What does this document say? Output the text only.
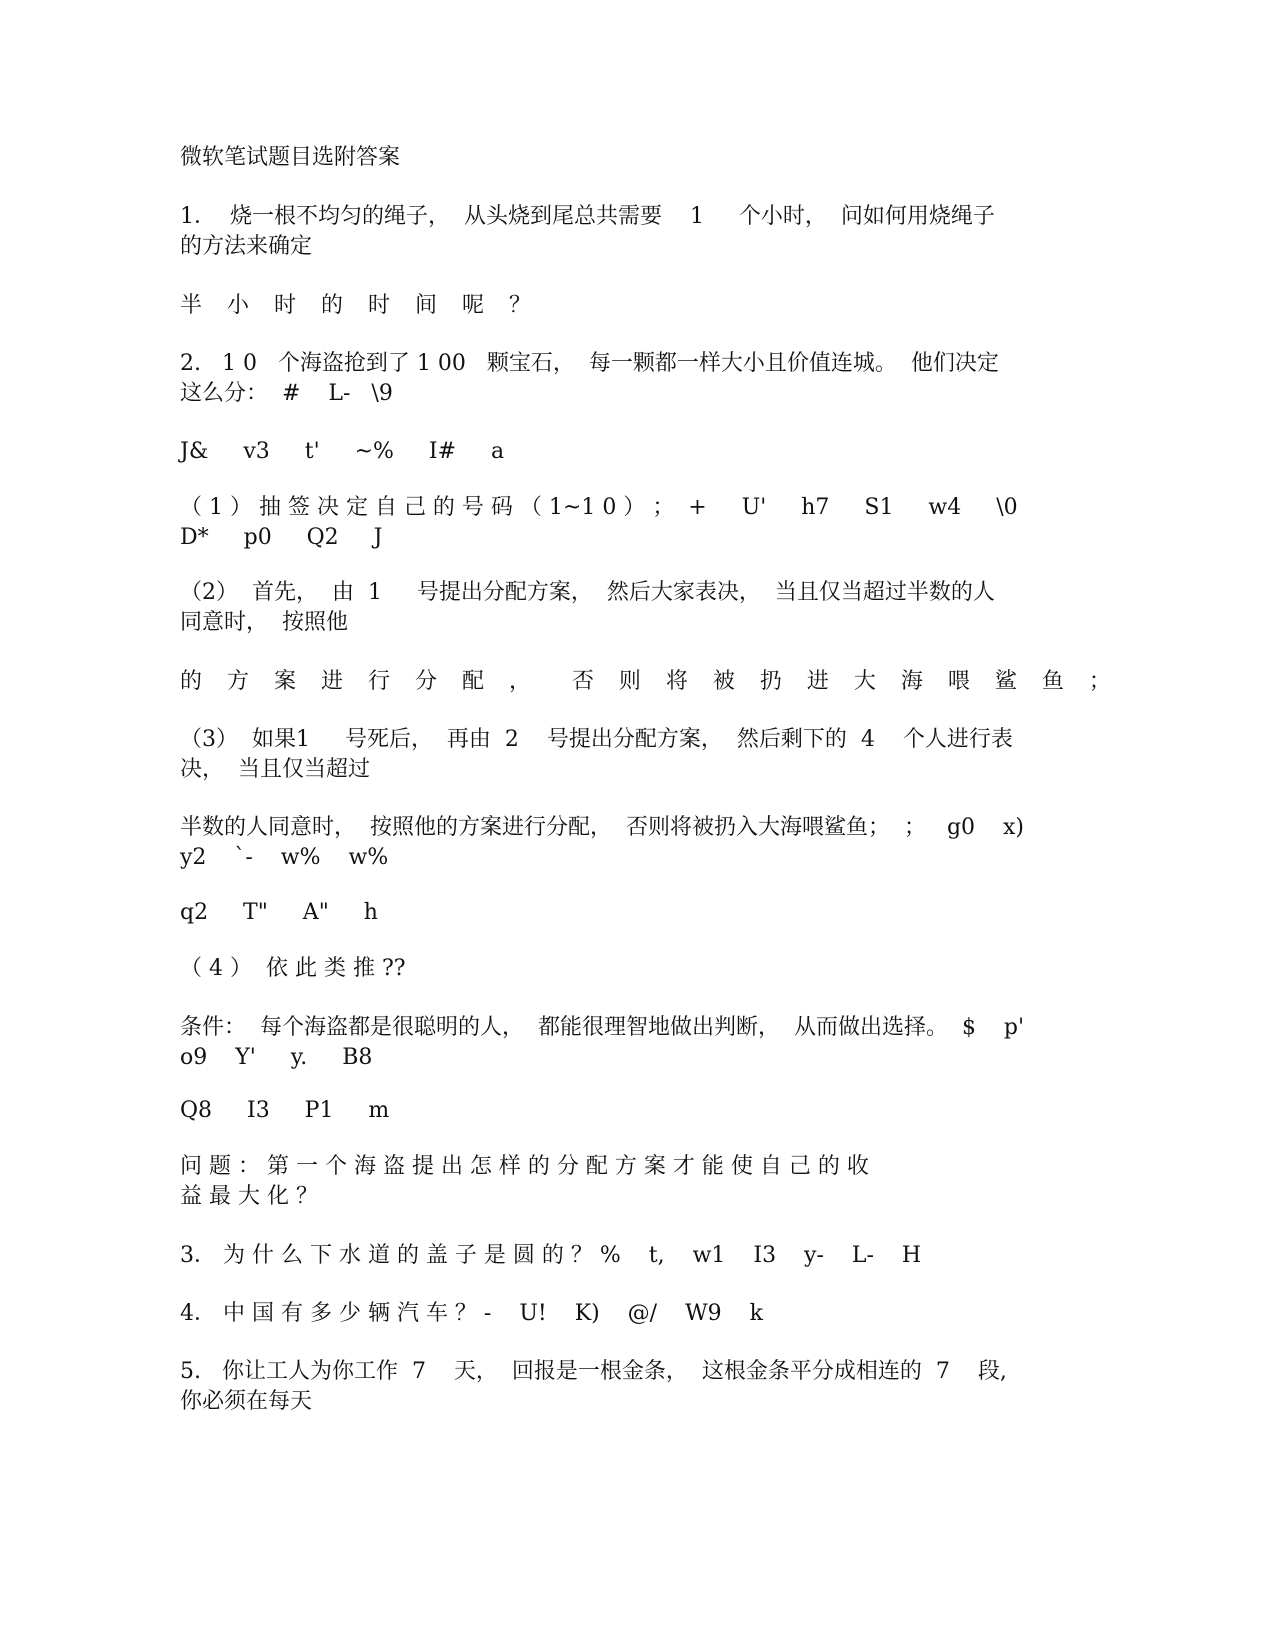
微软笔试题目选附答案

1．  烧一根不均匀的绳子，  从头烧到尾总共需要    1     个小时，  问如何用烧绳子

的方法来确定

半 小 时 的 时 间 呢 ？

2.   1 0   个海盗抢到了 1 00   颗宝石，  每一颗都一样大小且价值连城。  他们决定

这么分：  #    L-   \9

J&     v3     t'     ~%     I#     a

（ 1 ） 抽 签 决 定 自 己 的 号 码 （ 1~1 0 ） ；  +     U'     h7     S1     w4     \0

D*     p0     Q2     J

（2）  首先，  由  1     号提出分配方案，  然后大家表决，  当且仅当超过半数的人

同意时，  按照他

的 方 案 进 行 分 配 ，  否 则 将 被 扔 进 大 海 喂 鲨 鱼 ；

（3）  如果1     号死后，  再由  2    号提出分配方案，  然后剩下的  4    个人进行表

决，  当且仅当超过

半数的人同意时，  按照他的方案进行分配，  否则将被扔入大海喂鲨鱼；  ；   g0    x)

y2    `-    w%    w%

q2     T"     A"     h

（ 4 ）  依 此 类 推 ??

条件：  每个海盗都是很聪明的人，  都能很理智地做出判断，  从而做出选择。  $    p'

o9    Y'     y.     B8

Q8     I3     P1     m

问 题 ： 第 一 个 海 盗 提 出 怎 样 的 分 配 方 案 才 能 使 自 己 的 收

益 最 大 化 ？

3． 为 什 么 下 水 道 的 盖 子 是 圆 的 ？ %    t,    w1    I3    y-    L-    H

4． 中 国 有 多 少 辆 汽 车 ？ -    U!    K)    @/    W9    k

5.   你让工人为你工作  7    天，  回报是一根金条，  这根金条平分成相连的  7    段,

你必须在每天
